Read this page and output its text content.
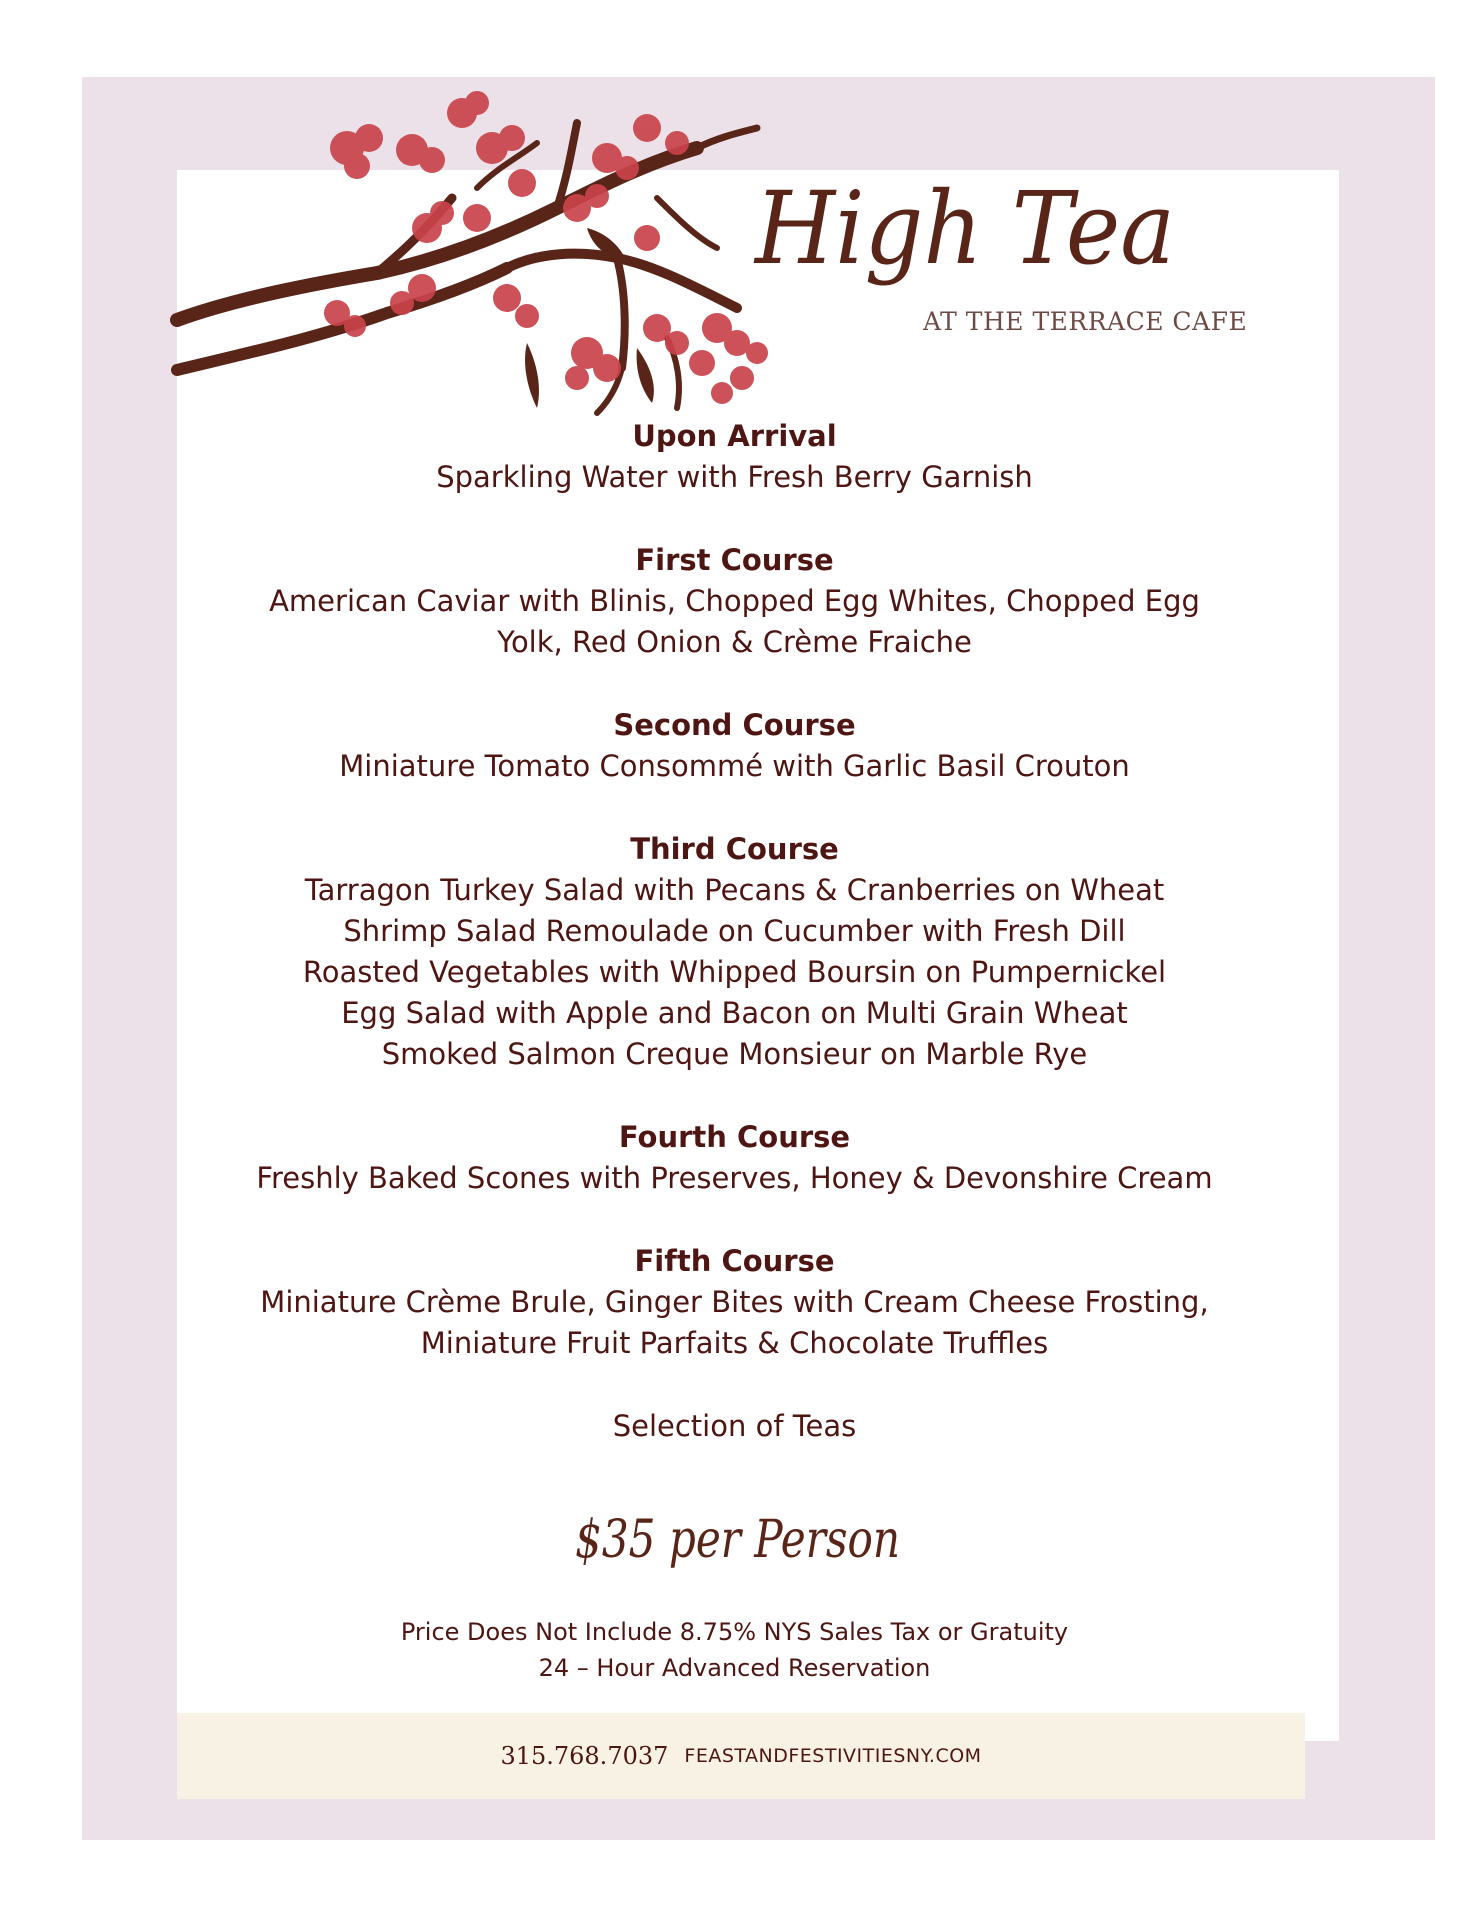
High Tea
AT THE TERRACE CAFE
Upon Arrival
Sparkling Water with Fresh Berry Garnish
First Course
American Caviar with Blinis, Chopped Egg Whites, Chopped Egg
Yolk, Red Onion & Crème Fraiche
Second Course
Miniature Tomato Consommé with Garlic Basil Crouton
Third Course
Tarragon Turkey Salad with Pecans & Cranberries on Wheat
Shrimp Salad Remoulade on Cucumber with Fresh Dill
Roasted Vegetables with Whipped Boursin on Pumpernickel
Egg Salad with Apple and Bacon on Multi Grain Wheat
Smoked Salmon Creque Monsieur on Marble Rye
Fourth Course
Freshly Baked Scones with Preserves, Honey & Devonshire Cream
Fifth Course
Miniature Crème Brule, Ginger Bites with Cream Cheese Frosting,
Miniature Fruit Parfaits & Chocolate Truffles
Selection of Teas
$35 per Person
Price Does Not Include 8.75% NYS Sales Tax or Gratuity
24 – Hour Advanced Reservation
315.768.7037 FEASTANDFESTIVITIESNY.COM
